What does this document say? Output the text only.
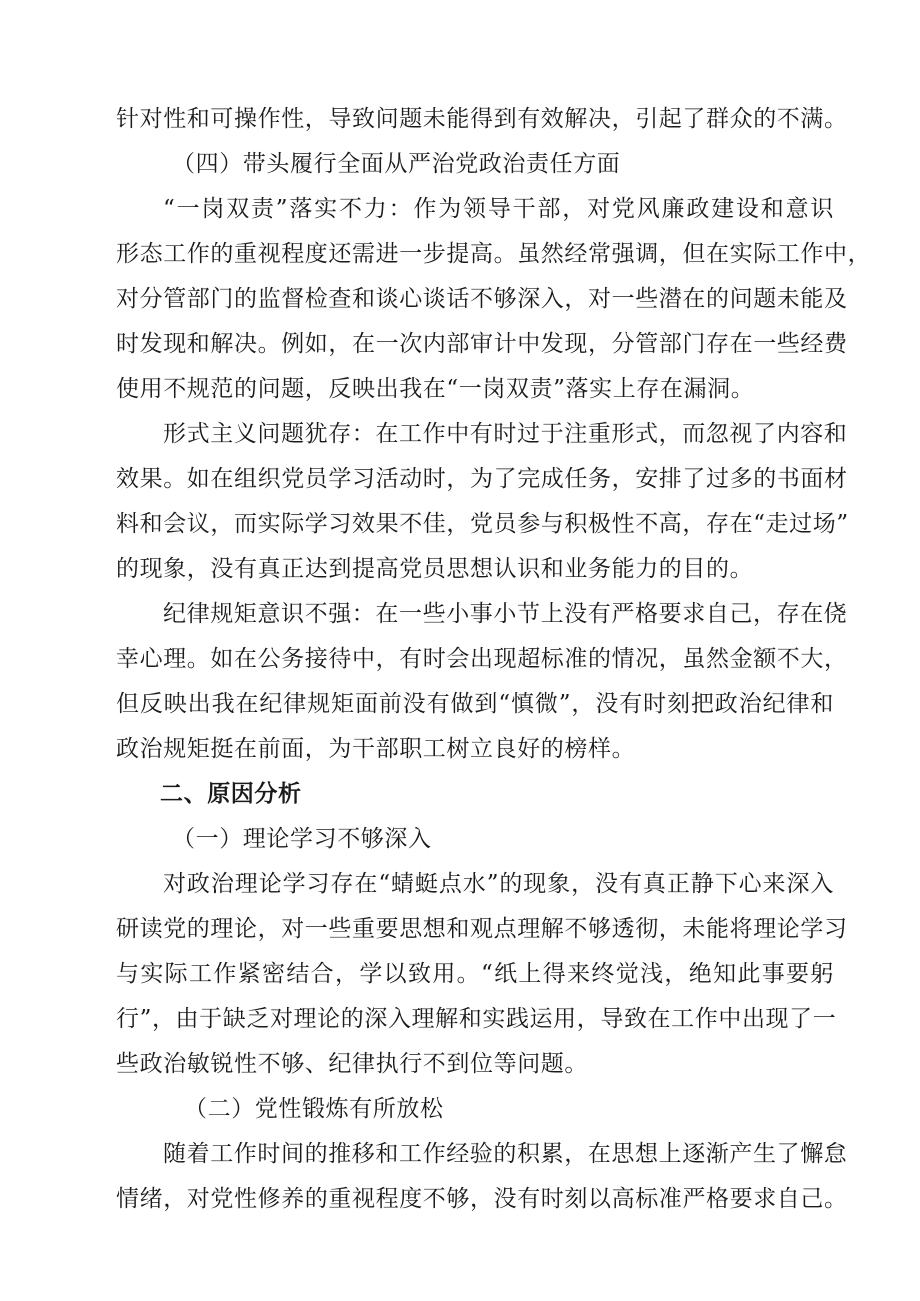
针对性和可操作性，导致问题未能得到有效解决，引起了群众的不满。
（四）带头履行全面从严治党政治责任方面
“一岗双责”落实不力：作为领导干部，对党风廉政建设和意识
形态工作的重视程度还需进一步提高。虽然经常强调，但在实际工作中，
对分管部门的监督检查和谈心谈话不够深入，对一些潜在的问题未能及
时发现和解决。例如，在一次内部审计中发现，分管部门存在一些经费
使用不规范的问题，反映出我在“一岗双责”落实上存在漏洞。
形式主义问题犹存：在工作中有时过于注重形式，而忽视了内容和
效果。如在组织党员学习活动时，为了完成任务，安排了过多的书面材
料和会议，而实际学习效果不佳，党员参与积极性不高，存在“走过场”
的现象，没有真正达到提高党员思想认识和业务能力的目的。
纪律规矩意识不强：在一些小事小节上没有严格要求自己，存在侥
幸心理。如在公务接待中，有时会出现超标准的情况，虽然金额不大，
但反映出我在纪律规矩面前没有做到“慎微”，没有时刻把政治纪律和
政治规矩挺在前面，为干部职工树立良好的榜样。
二、原因分析
（一）理论学习不够深入
对政治理论学习存在“蜻蜓点水”的现象，没有真正静下心来深入
研读党的理论，对一些重要思想和观点理解不够透彻，未能将理论学习
与实际工作紧密结合，学以致用。“纸上得来终觉浅，绝知此事要躬
行”，由于缺乏对理论的深入理解和实践运用，导致在工作中出现了一
些政治敏锐性不够、纪律执行不到位等问题。
（二）党性锻炼有所放松
随着工作时间的推移和工作经验的积累，在思想上逐渐产生了懈怠
情绪，对党性修养的重视程度不够，没有时刻以高标准严格要求自己。
